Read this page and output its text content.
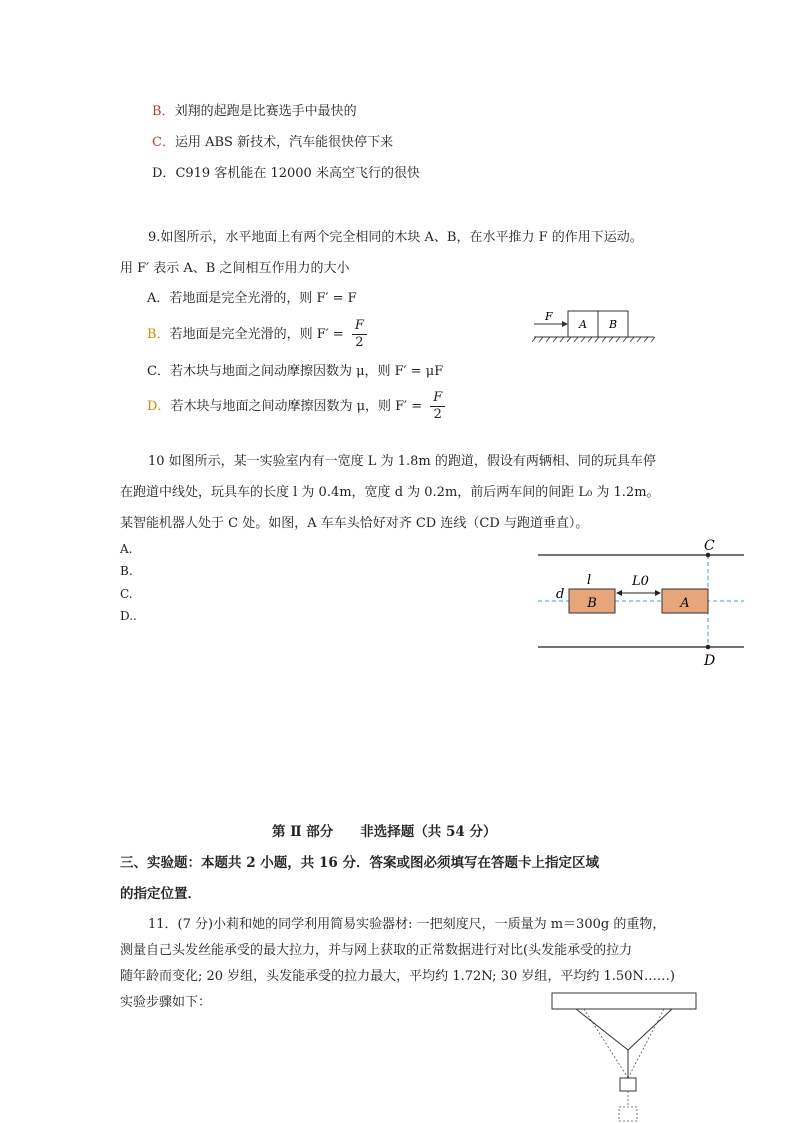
B．刘翔的起跑是比赛选手中最快的
C．运用 ABS 新技术，汽车能很快停下来
D．C919 客机能在 12000 米高空飞行的很快
9.如图所示，水平地面上有两个完全相同的木块 A、B，在水平推力 F 的作用下运动。
用 F′ 表示 A、B 之间相互作用力的大小
A．若地面是完全光滑的，则 F′ = F
B．若地面是完全光滑的，则 $F' = \frac{F}{2}$
C．若木块与地面之间动摩擦因数为 μ，则 F′ = μF
D．若木块与地面之间动摩擦因数为 μ，则 $F' = \frac{F}{2}$
A B
F
10 如图所示，某一实验室内有一宽度 L 为 1.8m 的跑道，假设有两辆相、同的玩具车停
在跑道中线处，玩具车的长度 l 为 0.4m，宽度 d 为 0.2m，前后两车间的间距 L₀ 为 1.2m。
某智能机器人处于 C 处。如图，A 车车头恰好对齐 CD 连线（CD 与跑道垂直）。
A.
B.
C.
D..
B	A
L0
l
d
C
D
第 Ⅱ 部分　　非选择题（共 54 分）
三、实验题：本题共 2 小题，共 16 分．答案或图必须填写在答题卡上指定区域
的指定位置．
11．(7 分)小莉和她的同学利用简易实验器材: 一把刻度尺，一质量为 m＝300g 的重物，
测量自己头发丝能承受的最大拉力，并与网上获取的正常数据进行对比(头发能承受的拉力
随年龄而变化; 20 岁组，头发能承受的拉力最大，平均约 1.72N; 30 岁组，平均约 1.50N……)
实验步骤如下：
